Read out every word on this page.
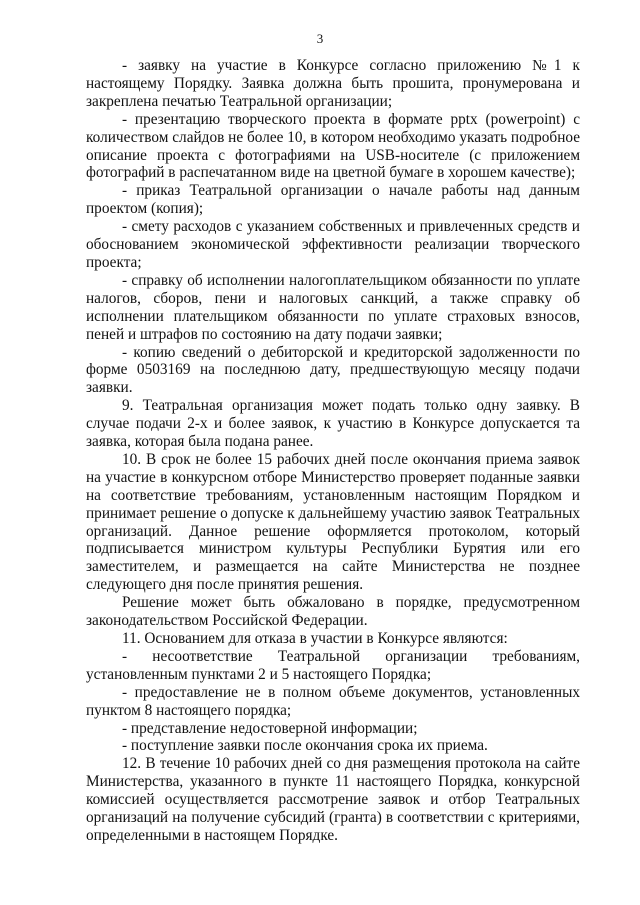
3

- заявку на участие в Конкурсе согласно приложению №1 к настоящему Порядку. Заявка должна быть прошита, пронумерована и закреплена печатью Театральной организации;

- презентацию творческого проекта в формате pptx (powerpoint) с количеством слайдов не более 10, в котором необходимо указать подробное описание проекта с фотографиями на USB-носителе (с приложением фотографий в распечатанном виде на цветной бумаге в хорошем качестве);

- приказ Театральной организации о начале работы над данным проектом (копия);

- смету расходов с указанием собственных и привлеченных средств и обоснованием экономической эффективности реализации творческого проекта;

- справку об исполнении налогоплательщиком обязанности по уплате налогов, сборов, пени и налоговых санкций, а также справку об исполнении плательщиком обязанности по уплате страховых взносов, пеней и штрафов по состоянию на дату подачи заявки;

- копию сведений о дебиторской и кредиторской задолженности по форме 0503169 на последнюю дату, предшествующую месяцу подачи заявки.

9. Театральная организация может подать только одну заявку. В случае подачи 2-х и более заявок, к участию в Конкурсе допускается та заявка, которая была подана ранее.

10. В срок не более 15 рабочих дней после окончания приема заявок на участие в конкурсном отборе Министерство проверяет поданные заявки на соответствие требованиям, установленным настоящим Порядком и принимает решение о допуске к дальнейшему участию заявок Театральных организаций. Данное решение оформляется протоколом, который подписывается министром культуры Республики Бурятия или его заместителем, и размещается на сайте Министерства не позднее следующего дня после принятия решения.

Решение может быть обжаловано в порядке, предусмотренном законодательством Российской Федерации.

11. Основанием для отказа в участии в Конкурсе являются:

- несоответствие Театральной организации требованиям, установленным пунктами 2 и 5 настоящего Порядка;

- предоставление не в полном объеме документов, установленных пунктом 8 настоящего порядка;

- представление недостоверной информации;

- поступление заявки после окончания срока их приема.

12. В течение 10 рабочих дней со дня размещения протокола на сайте Министерства, указанного в пункте 11 настоящего Порядка, конкурсной комиссией осуществляется рассмотрение заявок и отбор Театральных организаций на получение субсидий (гранта) в соответствии с критериями, определенными в настоящем Порядке.
